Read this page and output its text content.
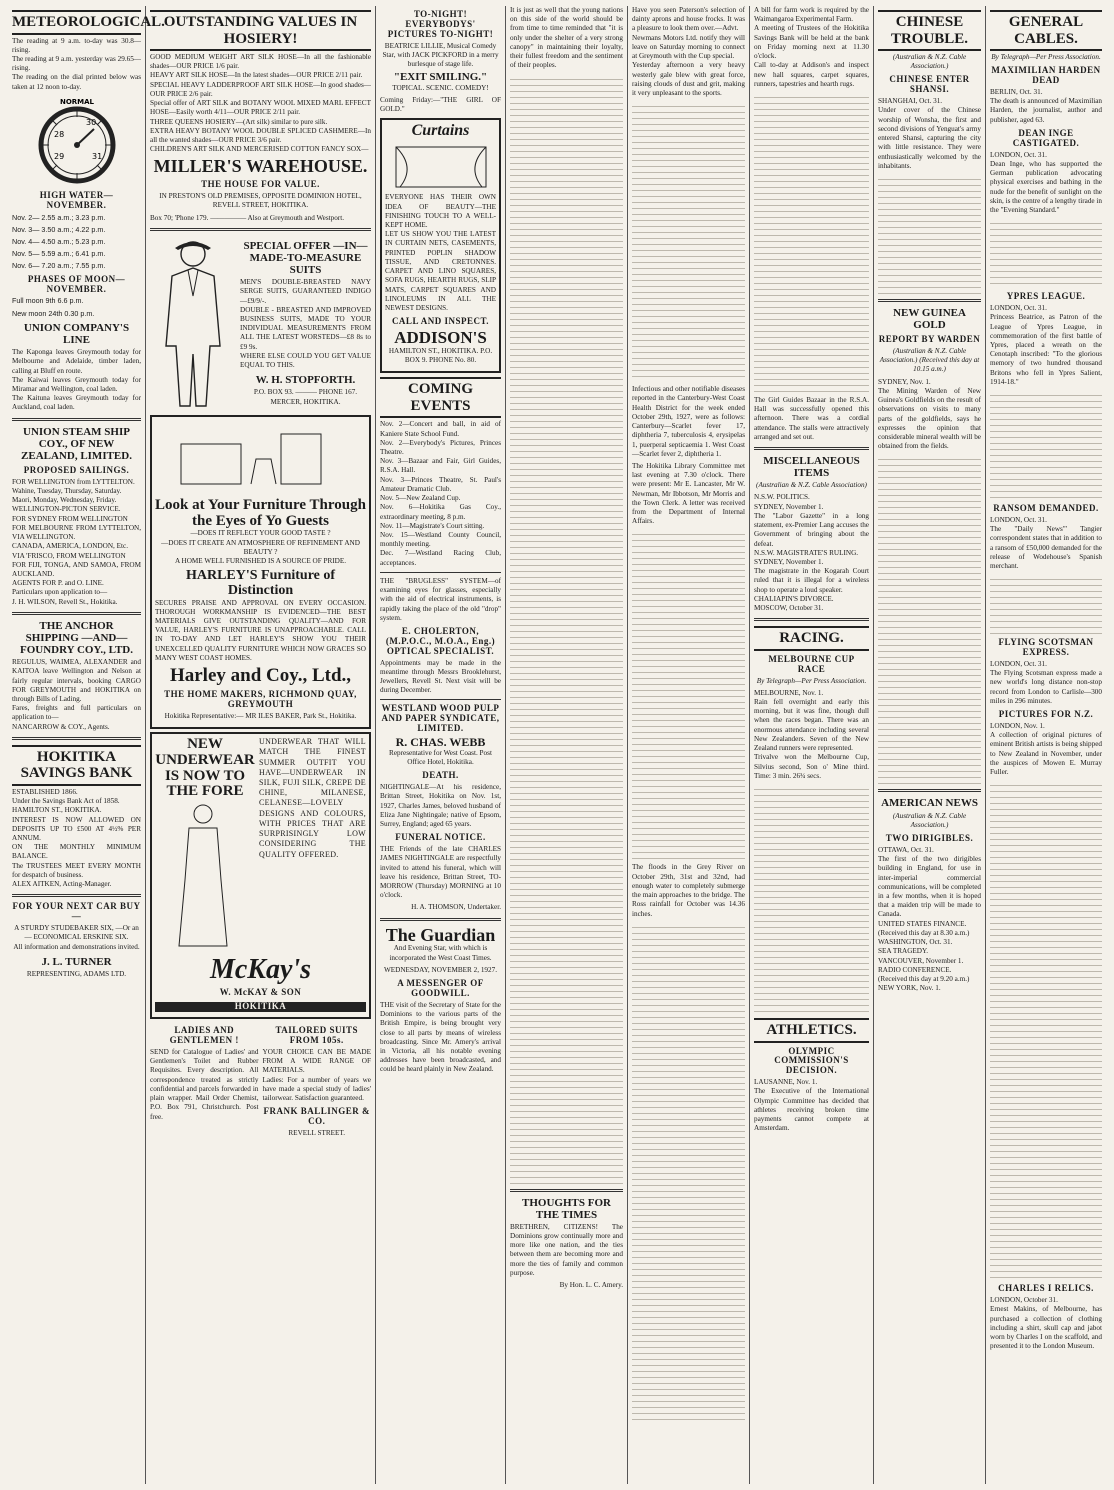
METEOROLOGICAL.
The reading at 9 a.m. to-day was 30.8—rising.
The reading at 9 a.m. yesterday was 29.65—rising.
The reading on the dial printed below was taken at 12 noon to-day.
NORMAL
28
29
30
31
HIGH WATER—NOVEMBER.
Nov. 2— 2.55 a.m.; 3.23 p.m.
Nov. 3— 3.50 a.m.; 4.22 p.m.
Nov. 4— 4.50 a.m.; 5.23 p.m.
Nov. 5— 5.59 a.m.; 6.41 p.m.
Nov. 6— 7.20 a.m.; 7.55 p.m.
PHASES OF MOON—NOVEMBER.
Full moon 9th 6.6 p.m.
New moon 24th 0.30 p.m.
UNION COMPANY'S LINE
The Kaponga leaves Greymouth today for Melbourne and Adelaide, timber laden, calling at Bluff en route.
The Kaiwai leaves Greymouth today for Miramar and Wellington, coal laden.
The Kaituna leaves Greymouth today for Auckland, coal laden.
UNION STEAM SHIP COY., OF NEW ZEALAND, LIMITED.
PROPOSED SAILINGS.
FOR WELLINGTON from LYTTELTON.
Wahine, Tuesday, Thursday, Saturday.
Maori, Monday, Wednesday, Friday.
WELLINGTON-PICTON SERVICE.
FOR SYDNEY FROM WELLINGTON
FOR MELBOURNE FROM LYTTELTON, VIA WELLINGTON.
CANADA, AMERICA, LONDON, Etc.
VIA 'FRISCO, FROM WELLINGTON
FOR FIJI, TONGA, AND SAMOA, FROM AUCKLAND.
AGENTS FOR P. and O. LINE.
Particulars upon application to—
J. H. WILSON, Revell St., Hokitika.
THE ANCHOR SHIPPING —AND— FOUNDRY COY., LTD.
REGULUS, WAIMEA, ALEXANDER and KAITOA leave Wellington and Nelson at fairly regular intervals, booking CARGO FOR GREYMOUTH and HOKITIKA on through Bills of Lading.
Fares, freights and full particulars on application to—
NANCARROW & COY., Agents.
HOKITIKA SAVINGS BANK
ESTABLISHED 1866.
Under the Savings Bank Act of 1858.
HAMILTON ST., HOKITIKA.
INTEREST IS NOW ALLOWED ON DEPOSITS UP TO £500 AT 4½% PER ANNUM.
ON THE MONTHLY MINIMUM BALANCE.
The TRUSTEES MEET EVERY MONTH for despatch of business.
ALEX AITKEN, Acting-Manager.
FOR YOUR NEXT CAR BUY—
A STURDY STUDEBAKER SIX, —Or an— ECONOMICAL ERSKINE SIX.
All information and demonstrations invited.
J. L. TURNER
REPRESENTING, ADAMS LTD.
OUTSTANDING VALUES IN HOSIERY!
GOOD MEDIUM WEIGHT ART SILK HOSE—In all the fashionable shades—OUR PRICE 1/6 pair.
HEAVY ART SILK HOSE—In the latest shades—OUR PRICE 2/11 pair.
SPECIAL HEAVY LADDERPROOF ART SILK HOSE—In good shades—OUR PRICE 2/6 pair.
Special offer of ART SILK and BOTANY WOOL MIXED MARL EFFECT HOSE—Easily worth 4/11—OUR PRICE 2/11 pair.
THREE QUEENS HOSIERY—(Art silk) similar to pure silk.
EXTRA HEAVY BOTANY WOOL DOUBLE SPLICED CASHMERE—In all the wanted shades—OUR PRICE 3/6 pair.
CHILDREN'S ART SILK AND MERCERISED COTTON FANCY SOX—
MILLER'S WAREHOUSE.
THE HOUSE FOR VALUE.
IN PRESTON'S OLD PREMISES, OPPOSITE DOMINION HOTEL, REVELL STREET, HOKITIKA.
Box 70; 'Phone 179. ————— Also at Greymouth and Westport.
SPECIAL OFFER —IN— MADE-TO-MEASURE SUITS
MEN'S DOUBLE-BREASTED NAVY SERGE SUITS, GUARANTEED INDIGO—£9/9/-.
DOUBLE - BREASTED AND IMPROVED BUSINESS SUITS, MADE TO YOUR INDIVIDUAL MEASUREMENTS FROM ALL THE LATEST WORSTEDS—£8 8s to £9 9s.
WHERE ELSE COULD YOU GET VALUE EQUAL TO THIS.
W. H. STOPFORTH.
P.O. BOX 93. ——— PHONE 167. MERCER, HOKITIKA.
Look at Your Furniture Through the Eyes of Yo Guests
—DOES IT REFLECT YOUR GOOD TASTE ?
—DOES IT CREATE AN ATMOSPHERE OF REFINEMENT AND BEAUTY ?
A HOME WELL FURNISHED IS A SOURCE OF PRIDE.
HARLEY'S Furniture of Distinction
SECURES PRAISE AND APPROVAL ON EVERY OCCASION. THOROUGH WORKMANSHIP IS EVIDENCED—THE BEST MATERIALS GIVE OUTSTANDING QUALITY—AND FOR VALUE, HARLEY'S FURNITURE IS UNAPPROACHABLE. CALL IN TO-DAY AND LET HARLEY'S SHOW YOU THEIR UNEXCELLED QUALITY FURNITURE WHICH NOW GRACES SO MANY WEST COAST HOMES.
Harley and Coy., Ltd.,
THE HOME MAKERS, RICHMOND QUAY, GREYMOUTH
Hokitika Representative:— MR ILES BAKER, Park St., Hokitika.
NEW UNDERWEAR IS NOW TO THE FORE
UNDERWEAR THAT WILL MATCH THE FINEST SUMMER OUTFIT YOU HAVE—UNDERWEAR IN SILK, FUJI SILK, CREPE DE CHINE, MILANESE, CELANESE—LOVELY DESIGNS AND COLOURS, WITH PRICES THAT ARE SURPRISINGLY LOW CONSIDERING THE QUALITY OFFERED.
McKay's
W. McKAY & SON
HOKITIKA
LADIES AND GENTLEMEN !
SEND for Catalogue of Ladies' and Gentlemen's Toilet and Rubber Requisites. Every description. All correspondence treated as strictly confidential and parcels forwarded in plain wrapper. Mail Order Chemist, P.O. Box 791, Christchurch. Post free.
TAILORED SUITS FROM 105s.
YOUR CHOICE CAN BE MADE FROM A WIDE RANGE OF MATERIALS.
Ladies: For a number of years we have made a special study of ladies' tailorwear. Satisfaction guaranteed.
FRANK BALLINGER & CO.
REVELL STREET.
TO-NIGHT! EVERYBODYS' PICTURES TO-NIGHT!
BEATRICE LILLIE, Musical Comedy Star, with JACK PICKFORD in a merry burlesque of stage life.
"EXIT SMILING."
TOPICAL. SCENIC. COMEDY!
Coming Friday:—"THE GIRL OF GOLD."
Curtains
EVERYONE HAS THEIR OWN IDEA OF BEAUTY—THE FINISHING TOUCH TO A WELL-KEPT HOME.
LET US SHOW YOU THE LATEST IN CURTAIN NETS, CASEMENTS, PRINTED POPLIN SHADOW TISSUE, AND CRETONNES. CARPET AND LINO SQUARES, SOFA RUGS, HEARTH RUGS, SLIP MATS, CARPET SQUARES AND LINOLEUMS IN ALL THE NEWEST DESIGNS.
CALL AND INSPECT.
ADDISON'S
HAMILTON ST., HOKITIKA. P.O. BOX 9. PHONE No. 80.
COMING EVENTS
Nov. 2—Concert and ball, in aid of Kaniere State School Fund.
Nov. 2—Everybody's Pictures, Princes Theatre.
Nov. 3—Bazaar and Fair, Girl Guides, R.S.A. Hall.
Nov. 3—Princes Theatre, St. Paul's Amateur Dramatic Club.
Nov. 5—New Zealand Cup.
Nov. 6—Hokitika Gas Coy., extraordinary meeting, 8 p.m.
Nov. 11—Magistrate's Court sitting.
Nov. 15—Westland County Council, monthly meeting.
Dec. 7—Westland Racing Club, acceptances.
THE "BRUGLESS" SYSTEM—of examining eyes for glasses, especially with the aid of electrical instruments, is rapidly taking the place of the old "drop" system.
E. CHOLERTON, (M.P.O.C., M.O.A., Eng.) OPTICAL SPECIALIST.
Appointments may be made in the meantime through Messrs Brooklehurst, Jewellers, Revell St. Next visit will be during December.
WESTLAND WOOD PULP AND PAPER SYNDICATE, LIMITED.
R. CHAS. WEBB
Representative for West Coast. Post Office Hotel, Hokitika.
DEATH.
NIGHTINGALE—At his residence, Brittan Street, Hokitika on Nov. 1st, 1927, Charles James, beloved husband of Eliza Jane Nightingale; native of Epsom, Surrey, England; aged 65 years.
FUNERAL NOTICE.
THE Friends of the late CHARLES JAMES NIGHTINGALE are respectfully invited to attend his funeral, which will leave his residence, Brittan Street, TO-MORROW (Thursday) MORNING at 10 o'clock.
H. A. THOMSON, Undertaker.
The Guardian
And Evening Star, with which is incorporated the West Coast Times.
WEDNESDAY, NOVEMBER 2, 1927.
A MESSENGER OF GOODWILL.
THE visit of the Secretary of State for the Dominions to the various parts of the British Empire, is being brought very close to all parts by means of wireless broadcasting. Since Mr. Amery's arrival in Victoria, all his notable evening addresses have been broadcasted, and could be heard plainly in New Zealand.
It is just as well that the young nations on this side of the world should be from time to time reminded that "it is only under the shelter of a very strong canopy" in maintaining their loyalty, their fullest freedom and the sentiment of their peoples.
THOUGHTS FOR THE TIMES
BRETHREN, CITIZENS! The Dominions grow continually more and more like one nation, and the ties between them are becoming more and more the ties of family and common purpose.
By Hon. L. C. Amery.
Have you seen Paterson's selection of dainty aprons and house frocks. It was a pleasure to look them over.—Advt.
Newmans Motors Ltd. notify they will leave on Saturday morning to connect at Greymouth with the Cup special.
Yesterday afternoon a very heavy westerly gale blew with great force, raising clouds of dust and grit, making it very unpleasant to the sports.
Infectious and other notifiable diseases reported in the Canterbury-West Coast Health District for the week ended October 29th, 1927, were as follows: Canterbury—Scarlet fever 17, diphtheria 7, tuberculosis 4, erysipelas 1, puerperal septicaemia 1. West Coast—Scarlet fever 2, diphtheria 1.
The Hokitika Library Committee met last evening at 7.30 o'clock. There were present: Mr E. Lancaster, Mr W. Newman, Mr Ibbotson, Mr Morris and the Town Clerk. A letter was received from the Department of Internal Affairs.
The floods in the Grey River on October 29th, 31st and 32nd, had enough water to completely submerge the main approaches to the bridge. The Ross rainfall for October was 14.36 inches.
A bill for farm work is required by the Waimangaroa Experimental Farm.
A meeting of Trustees of the Hokitika Savings Bank will be held at the bank on Friday morning next at 11.30 o'clock.
Call to-day at Addison's and inspect new hall squares, carpet squares, runners, tapestries and hearth rugs.
The Girl Guides Bazaar in the R.S.A. Hall was successfully opened this afternoon. There was a cordial attendance. The stalls were attractively arranged and set out.
MISCELLANEOUS ITEMS
(Australian & N.Z. Cable Association)
N.S.W. POLITICS.
SYDNEY, November 1.
The "Labor Gazette" in a long statement, ex-Premier Lang accuses the Government of bringing about the defeat.
N.S.W. MAGISTRATE'S RULING.
SYDNEY, November 1.
The magistrate in the Kogarah Court ruled that it is illegal for a wireless shop to operate a loud speaker.
CHALIAPIN'S DIVORCE.
MOSCOW, October 31.
RACING.
MELBOURNE CUP RACE
By Telegraph—Per Press Association.
MELBOURNE, Nov. 1.
Rain fell overnight and early this morning, but it was fine, though dull when the races began. There was an enormous attendance including several New Zealanders. Seven of the New Zealand runners were represented.
Trivalve won the Melbourne Cup, Silvius second, Son o' Mine third. Time: 3 min. 26¾ secs.
ATHLETICS.
OLYMPIC COMMISSION'S DECISION.
LAUSANNE, Nov. 1.
The Executive of the International Olympic Committee has decided that athletes receiving broken time payments cannot compete at Amsterdam.
CHINESE TROUBLE.
(Australian & N.Z. Cable Association.)
CHINESE ENTER SHANSI.
SHANGHAI, Oct. 31.
Under cover of the Chinese worship of Wonsha, the first and second divisions of Yenguat's army entered Shansi, capturing the city with little resistance. They were enthusiastically welcomed by the inhabitants.
NEW GUINEA GOLD
REPORT BY WARDEN
(Australian & N.Z. Cable Association.) (Received this day at 10.15 a.m.)
SYDNEY, Nov. 1.
The Mining Warden of New Guinea's Goldfields on the result of observations on visits to many parts of the goldfields, says he expresses the opinion that considerable mineral wealth will be obtained from the fields.
AMERICAN NEWS
(Australian & N.Z. Cable Association.)
TWO DIRIGIBLES.
OTTAWA, Oct. 31.
The first of the two dirigibles building in England, for use in inter-imperial commercial communications, will be completed in a few months, when it is hoped that a maiden trip will be made to Canada.
UNITED STATES FINANCE.
(Received this day at 8.30 a.m.)
WASHINGTON, Oct. 31.
SEA TRAGEDY.
VANCOUVER, November 1.
RADIO CONFERENCE.
(Received this day at 9.20 a.m.)
NEW YORK, Nov. 1.
GENERAL CABLES.
By Telegraph—Per Press Association.
MAXIMILIAN HARDEN DEAD
BERLIN, Oct. 31.
The death is announced of Maximilian Harden, the journalist, author and publisher, aged 63.
DEAN INGE CASTIGATED.
LONDON, Oct. 31.
Dean Inge, who has supported the German publication advocating physical exercises and bathing in the nude for the benefit of sunlight on the skin, is the centre of a lengthy tirade in the "Evening Standard."
YPRES LEAGUE.
LONDON, Oct. 31.
Princess Beatrice, as Patron of the League of Ypres League, in commemoration of the first battle of Ypres, placed a wreath on the Cenotaph inscribed: "To the glorious memory of two hundred thousand Britons who fell in Ypres Salient, 1914-18."
RANSOM DEMANDED.
LONDON, Oct. 31.
The "Daily News'" Tangier correspondent states that in addition to a ransom of £50,000 demanded for the release of Wodehouse's Spanish merchant.
FLYING SCOTSMAN EXPRESS.
LONDON, Oct. 31.
The Flying Scotsman express made a new world's long distance non-stop record from London to Carlisle—300 miles in 296 minutes.
PICTURES FOR N.Z.
LONDON, Nov. 1.
A collection of original pictures of eminent British artists is being shipped to New Zealand in November, under the auspices of Mowen E. Murray Fuller.
CHARLES I RELICS.
LONDON, October 31.
Ernest Makins, of Melbourne, has purchased a collection of clothing including a shirt, skull cap and jabot worn by Charles I on the scaffold, and presented it to the London Museum.
